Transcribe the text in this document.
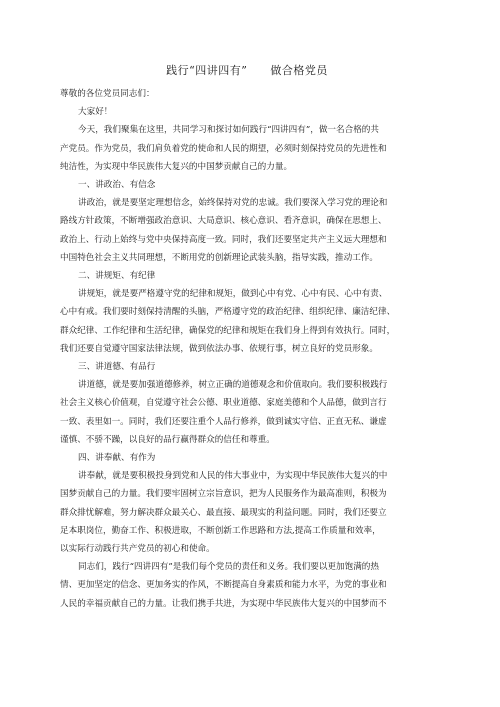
践行“四讲四有”　　做合格党员

尊敬的各位党员同志们：

大家好！

今天，我们聚集在这里，共同学习和探讨如何践行“四讲四有”，做一名合格的共

产党员。作为党员，我们肩负着党的使命和人民的期望，必须时刻保持党员的先进性和

纯洁性，为实现中华民族伟大复兴的中国梦贡献自己的力量。

一、讲政治、有信念

讲政治，就是要坚定理想信念，始终保持对党的忠诚。我们要深入学习党的理论和

路线方针政策，不断增强政治意识、大局意识、核心意识、看齐意识，确保在思想上、

政治上、行动上始终与党中央保持高度一致。同时，我们还要坚定共产主义远大理想和

中国特色社会主义共同理想，不断用党的创新理论武装头脑，指导实践，推动工作。

二、讲规矩、有纪律

讲规矩，就是要严格遵守党的纪律和规矩，做到心中有党、心中有民、心中有责、

心中有戒。我们要时刻保持清醒的头脑，严格遵守党的政治纪律、组织纪律、廉洁纪律、

群众纪律、工作纪律和生活纪律，确保党的纪律和规矩在我们身上得到有效执行。同时，

我们还要自觉遵守国家法律法规，做到依法办事、依规行事，树立良好的党员形象。

三、讲道德、有品行

讲道德，就是要加强道德修养，树立正确的道德观念和价值取向。我们要积极践行

社会主义核心价值观，自觉遵守社会公德、职业道德、家庭美德和个人品德，做到言行

一致、表里如一。同时，我们还要注重个人品行修养，做到诚实守信、正直无私、谦虚

谨慎、不骄不躁，以良好的品行赢得群众的信任和尊重。

四、讲奉献、有作为

讲奉献，就是要积极投身到党和人民的伟大事业中，为实现中华民族伟大复兴的中

国梦贡献自己的力量。我们要牢固树立宗旨意识，把为人民服务作为最高准则，积极为

群众排忧解难，努力解决群众最关心、最直接、最现实的利益问题。同时，我们还要立

足本职岗位，勤奋工作、积极进取，不断创新工作思路和方法,提高工作质量和效率，

以实际行动践行共产党员的初心和使命。

同志们，践行“四讲四有”是我们每个党员的责任和义务。我们要以更加饱满的热

情、更加坚定的信念、更加务实的作风，不断提高自身素质和能力水平，为党的事业和

人民的幸福贡献自己的力量。让我们携手共进，为实现中华民族伟大复兴的中国梦而不
